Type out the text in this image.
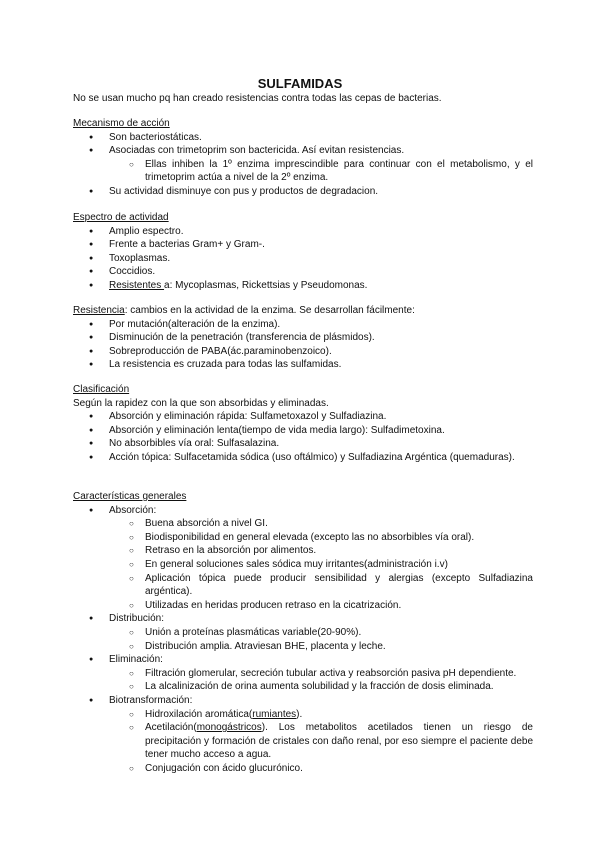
SULFAMIDAS
No se usan mucho pq han creado resistencias contra todas las cepas de bacterias.
Mecanismo de acción
● Son bacteriostáticas.
● Asociadas con trimetoprim son bactericida. Así evitan resistencias.
○ Ellas inhiben la 1º enzima imprescindible para continuar con el metabolismo, y el trimetoprim actúa a nivel de la 2º enzima.
● Su actividad disminuye con pus y productos de degradacion.
Espectro de actividad
● Amplio espectro.
● Frente a bacterias Gram+ y Gram-.
● Toxoplasmas.
● Coccidios.
● Resistentes a: Mycoplasmas, Rickettsias y Pseudomonas.
Resistencia: cambios en la actividad de la enzima. Se desarrollan fácilmente:
● Por mutación(alteración de la enzima).
● Disminución de la penetración (transferencia de plásmidos).
● Sobreproducción de PABA(ác.paraminobenzoico).
● La resistencia es cruzada para todas las sulfamidas.
Clasificación
Según la rapidez con la que son absorbidas y eliminadas.
● Absorción y eliminación rápida: Sulfametoxazol y Sulfadiazina.
● Absorción y eliminación lenta(tiempo de vida media largo): Sulfadimetoxina.
● No absorbibles vía oral: Sulfasalazina.
● Acción tópica: Sulfacetamida sódica (uso oftálmico) y Sulfadiazina Argéntica (quemaduras).
Características generales
● Absorción:
○ Buena absorción a nivel GI.
○ Biodisponibilidad en general elevada (excepto las no absorbibles vía oral).
○ Retraso en la absorción por alimentos.
○ En general soluciones sales sódica muy irritantes(administración i.v)
○ Aplicación tópica puede producir sensibilidad y alergias (excepto Sulfadiazina argéntica).
○ Utilizadas en heridas producen retraso en la cicatrización.
● Distribución:
○ Unión a proteínas plasmáticas variable(20-90%).
○ Distribución amplia. Atraviesan BHE, placenta y leche.
● Eliminación:
○ Filtración glomerular, secreción tubular activa y reabsorción pasiva pH dependiente.
○ La alcalinización de orina aumenta solubilidad y la fracción de dosis eliminada.
● Biotransformación:
○ Hidroxilación aromática(rumiantes).
○ Acetilación(monogástricos). Los metabolitos acetilados tienen un riesgo de precipitación y formación de cristales con daño renal, por eso siempre el paciente debe tener mucho acceso a agua.
○ Conjugación con ácido glucurónico.
